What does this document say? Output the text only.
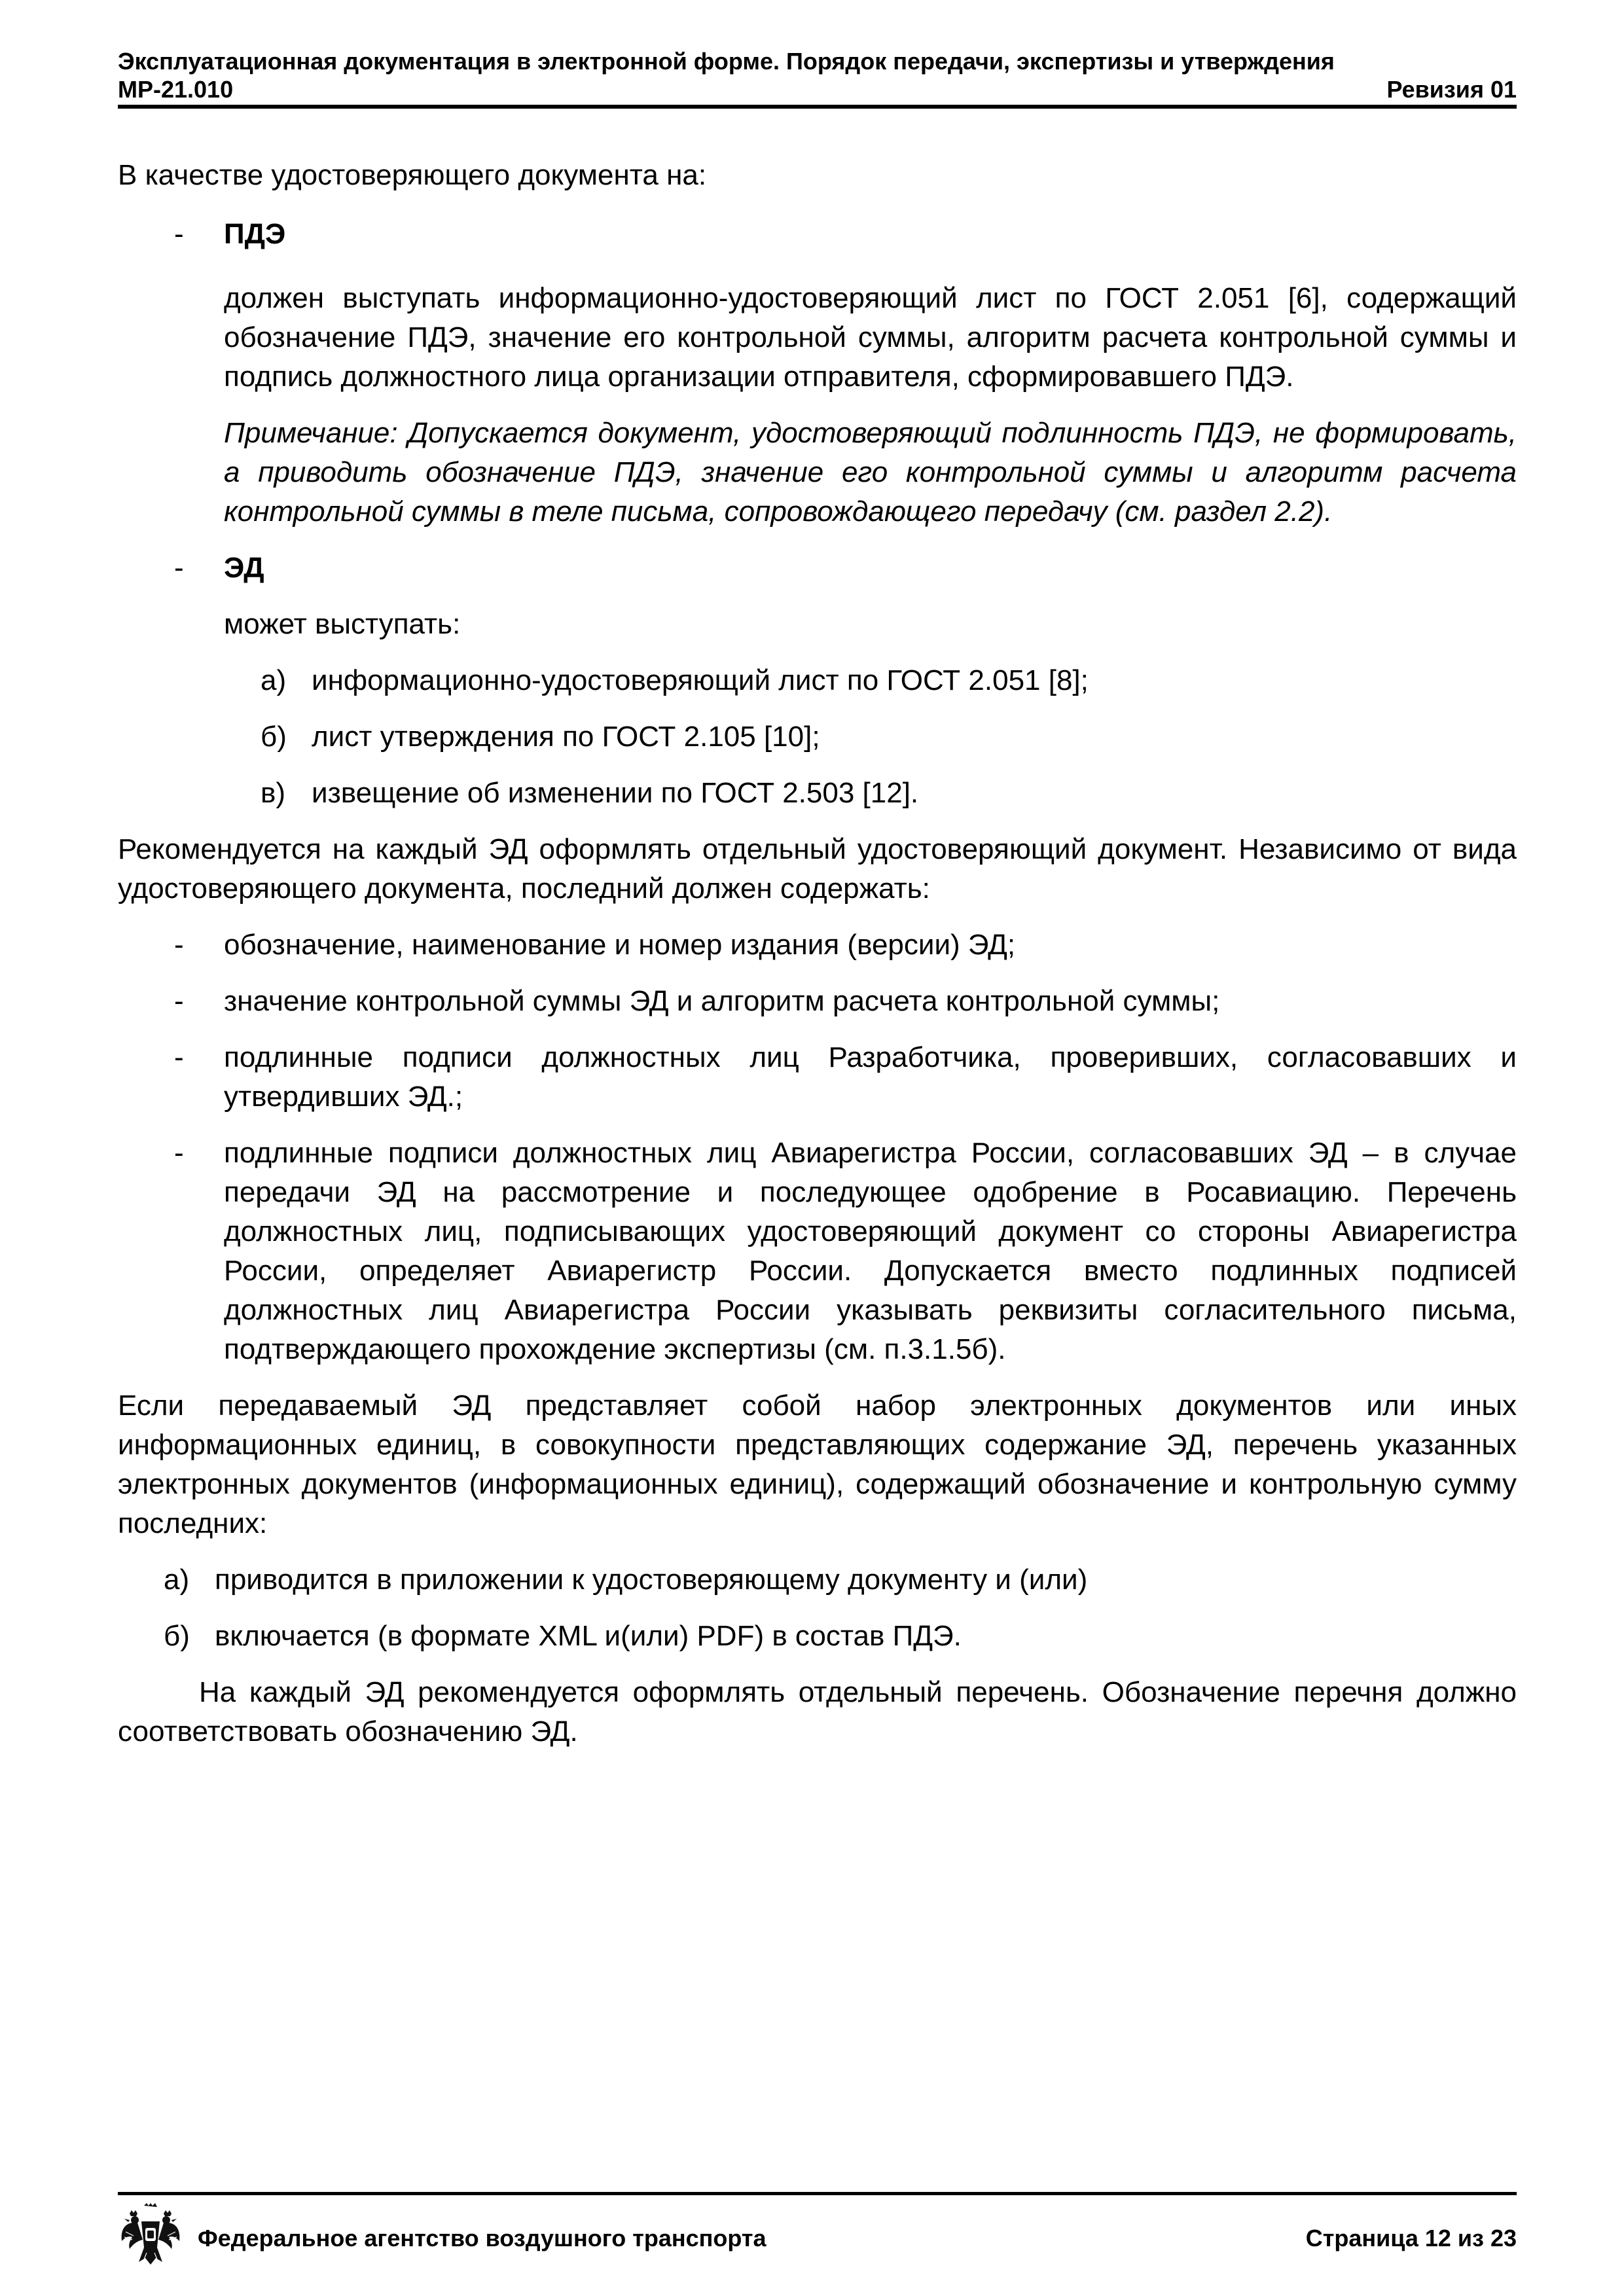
Эксплуатационная документация в электронной форме. Порядок передачи, экспертизы и утверждения
МР-21.010	Ревизия 01

В качестве удостоверяющего документа на:

- ПДЭ

должен выступать информационно-удостоверяющий лист по ГОСТ 2.051 [6], содержащий обозначение ПДЭ, значение его контрольной суммы, алгоритм расчета контрольной суммы и подпись должностного лица организации отправителя, сформировавшего ПДЭ.

Примечание: Допускается документ, удостоверяющий подлинность ПДЭ, не формировать, а приводить обозначение ПДЭ, значение его контрольной суммы и алгоритм расчета контрольной суммы в теле письма, сопровождающего передачу (см. раздел 2.2).

- ЭД

может выступать:

а) информационно-удостоверяющий лист по ГОСТ 2.051 [8];
б) лист утверждения по ГОСТ 2.105 [10];
в) извещение об изменении по ГОСТ 2.503 [12].

Рекомендуется на каждый ЭД оформлять отдельный удостоверяющий документ. Независимо от вида удостоверяющего документа, последний должен содержать:

- обозначение, наименование и номер издания (версии) ЭД;
- значение контрольной суммы ЭД и алгоритм расчета контрольной суммы;
- подлинные подписи должностных лиц Разработчика, проверивших, согласовавших и утвердивших ЭД.;
- подлинные подписи должностных лиц Авиарегистра России, согласовавших ЭД – в случае передачи ЭД на рассмотрение и последующее одобрение в Росавиацию. Перечень должностных лиц, подписывающих удостоверяющий документ со стороны Авиарегистра России, определяет Авиарегистр России. Допускается вместо подлинных подписей должностных лиц Авиарегистра России указывать реквизиты согласительного письма, подтверждающего прохождение экспертизы (см. п.3.1.5б).

Если передаваемый ЭД представляет собой набор электронных документов или иных информационных единиц, в совокупности представляющих содержание ЭД, перечень указанных электронных документов (информационных единиц), содержащий обозначение и контрольную сумму последних:

а) приводится в приложении к удостоверяющему документу и (или)
б) включается (в формате XML и(или) PDF) в состав ПДЭ.

На каждый ЭД рекомендуется оформлять отдельный перечень. Обозначение перечня должно соответствовать обозначению ЭД.

Федеральное агентство воздушного транспорта	Страница 12 из 23
